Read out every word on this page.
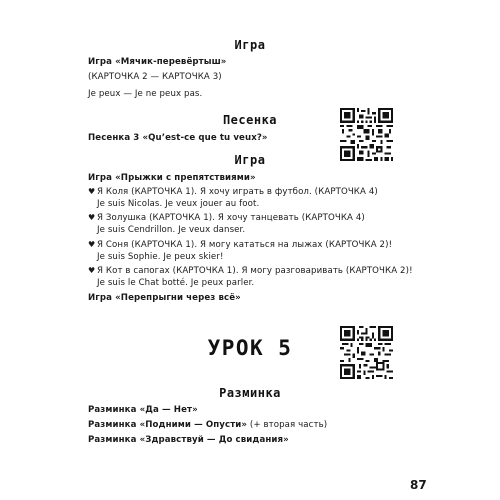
Игра
Игра «Мячик-перевёртыш»
(КАРТОЧКА 2 — КАРТОЧКА 3)
Je peux — Je ne peux pas.
Песенка
Песенка 3 «Qu’est-ce que tu veux?»
Игра
Игра «Прыжки с препятствиями»
♥ Я Коля (КАРТОЧКА 1). Я хочу играть в футбол. (КАРТОЧКА 4)
Je suis Nicolas. Je veux jouer au foot.
♥ Я Золушка (КАРТОЧКА 1). Я хочу танцевать (КАРТОЧКА 4)
Je suis Cendrillon. Je veux danser.
♥ Я Соня (КАРТОЧКА 1). Я могу кататься на лыжах (КАРТОЧКА 2)!
Je suis Sophie. Je peux skier!
♥ Я Кот в сапогах (КАРТОЧКА 1). Я могу разговаривать (КАРТОЧКА 2)!
Je suis le Chat botté. Je peux parler.
Игра «Перепрыгни через всё»
УРОК 5
Разминка
Разминка «Да — Нет»
Разминка «Подними — Опусти» (+ вторая часть)
Разминка «Здравствуй — До свидания»
87
